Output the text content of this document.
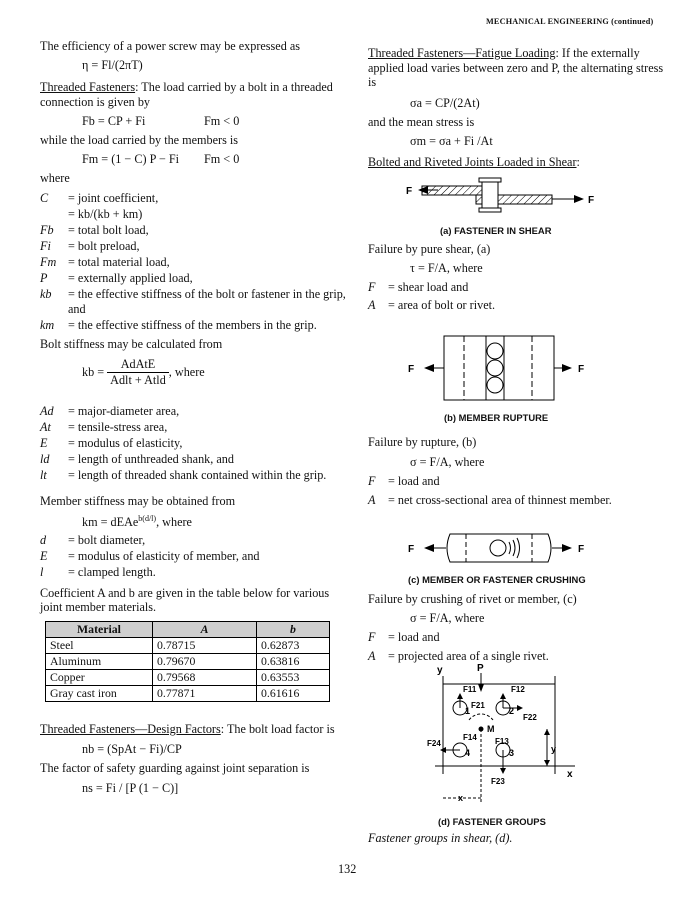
MECHANICAL ENGINEERING (continued)
The efficiency of a power screw may be expressed as
η = Fl/(2πT)
Threaded Fasteners: The load carried by a bolt in a threaded
connection is given by
Fb = CP + Fi	Fm < 0
while the load carried by the members is
Fm = (1 − C) P − Fi Fm < 0
where
C = joint coefficient,
= kb/(kb + km)
Fb = total bolt load,
Fi = bolt preload,
Fm = total material load,
P = externally applied load,
kb = the effective stiffness of the bolt or fastener in the grip,
and
km = the effective stiffness of the members in the grip.
Bolt stiffness may be calculated from
kb = $\frac{\text{AdAtE}}{\text{Adlt + Atld}}$ , where
Ad = major-diameter area,
At = tensile-stress area,
E = modulus of elasticity,
ld = length of unthreaded shank, and
lt = length of threaded shank contained within the grip.
Member stiffness may be obtained from
km = dEAe$^{b(d/l)}$, where
d = bolt diameter,
E = modulus of elasticity of member, and
l = clamped length.
Coefficient A and b are given in the table below for various
joint member materials.
Material	A	b
Steel	0.78715	0.62873
Aluminum	0.79670	0.63816
Copper	0.79568	0.63553
Gray cast iron	0.77871	0.61616
Threaded Fasteners—Design Factors: The bolt load factor is
nb = (SpAt − Fi)/CP
The factor of safety guarding against joint separation is
ns = Fi / [P (1 − C)]
Threaded Fasteners—Fatigue Loading: If the externally
applied load varies between zero and P, the alternating stress
is
σa = CP/(2At)
and the mean stress is
σm = σa + Fi /At
Bolted and Riveted Joints Loaded in Shear:
F
F
(a) FASTENER IN SHEAR
Failure by pure shear, (a)
τ = F/A, where
F = shear load and
A = area of bolt or rivet.
F	F
(b) MEMBER RUPTURE
Failure by rupture, (b)
σ = F/A, where
F = load and
A = net cross-sectional area of thinnest member.
F	F
(c) MEMBER OR FASTENER CRUSHING
Failure by crushing of rivet or member, (c)
σ = F/A, where
F = load and
A = projected area of a single rivet.
y
x
P
1	2
3
4
M
F11	F12
F21
F22
F13
F14
F24
F23
y
x
(d) FASTENER GROUPS
Fastener groups in shear, (d).
132
